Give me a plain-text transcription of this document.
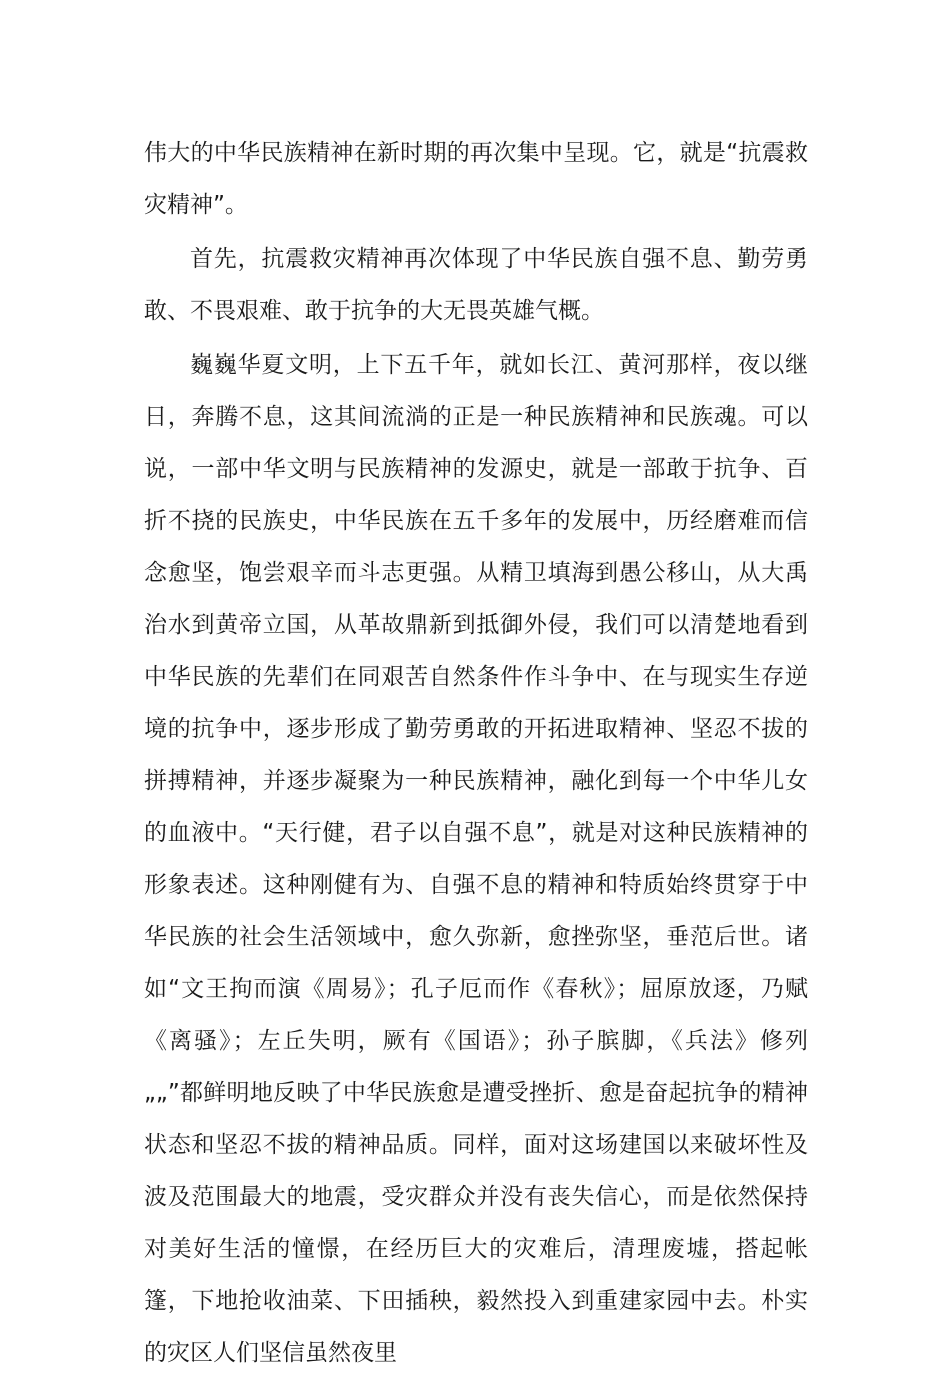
伟大的中华民族精神在新时期的再次集中呈现。它，就是“抗震救灾精神”。

首先，抗震救灾精神再次体现了中华民族自强不息、勤劳勇敢、不畏艰难、敢于抗争的大无畏英雄气概。

巍巍华夏文明，上下五千年，就如长江、黄河那样，夜以继日，奔腾不息，这其间流淌的正是一种民族精神和民族魂。可以说，一部中华文明与民族精神的发源史，就是一部敢于抗争、百折不挠的民族史，中华民族在五千多年的发展中，历经磨难而信念愈坚，饱尝艰辛而斗志更强。从精卫填海到愚公移山，从大禹治水到黄帝立国，从革故鼎新到抵御外侵，我们可以清楚地看到中华民族的先辈们在同艰苦自然条件作斗争中、在与现实生存逆境的抗争中，逐步形成了勤劳勇敢的开拓进取精神、坚忍不拔的拼搏精神，并逐步凝聚为一种民族精神，融化到每一个中华儿女的血液中。“天行健，君子以自强不息”，就是对这种民族精神的形象表述。这种刚健有为、自强不息的精神和特质始终贯穿于中华民族的社会生活领域中，愈久弥新，愈挫弥坚，垂范后世。诸如“文王拘而演《周易》；孔子厄而作《春秋》；屈原放逐，乃赋《离骚》；左丘失明，厥有《国语》；孙子膑脚，《兵法》修列„„”都鲜明地反映了中华民族愈是遭受挫折、愈是奋起抗争的精神状态和坚忍不拔的精神品质。同样，面对这场建国以来破坏性及波及范围最大的地震，受灾群众并没有丧失信心，而是依然保持对美好生活的憧憬，在经历巨大的灾难后，清理废墟，搭起帐篷，下地抢收油菜、下田插秧，毅然投入到重建家园中去。朴实的灾区人们坚信虽然夜里
